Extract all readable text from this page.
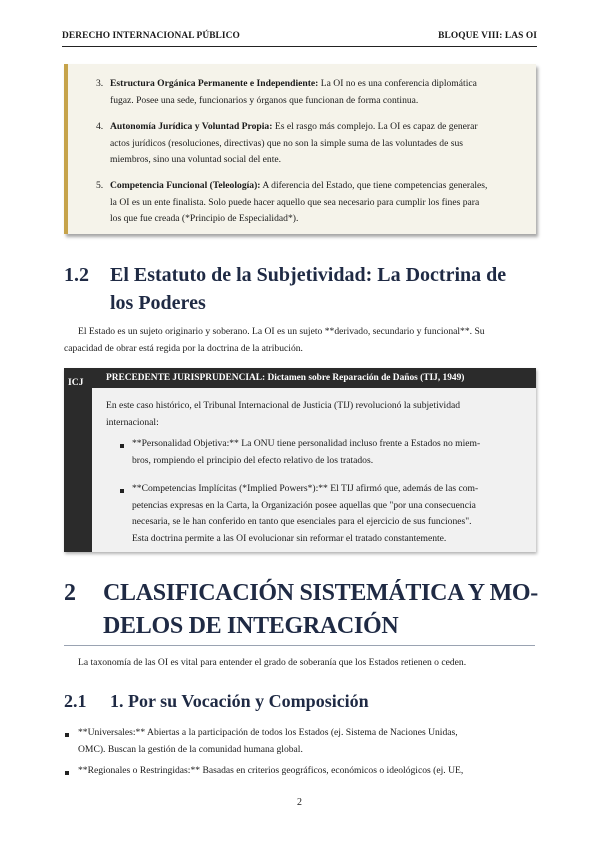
DERECHO INTERNACIONAL PÚBLICO	BLOQUE VIII: LAS OI
3. Estructura Orgánica Permanente e Independiente: La OI no es una conferencia diplomática
fugaz. Posee una sede, funcionarios y órganos que funcionan de forma continua.
4. Autonomía Jurídica y Voluntad Propia: Es el rasgo más complejo. La OI es capaz de generar
actos jurídicos (resoluciones, directivas) que no son la simple suma de las voluntades de sus
miembros, sino una voluntad social del ente.
5. Competencia Funcional (Teleología): A diferencia del Estado, que tiene competencias generales,
la OI es un ente finalista. Solo puede hacer aquello que sea necesario para cumplir los fines para
los que fue creada (*Principio de Especialidad*).
1.2 El Estatuto de la Subjetividad: La Doctrina de
los Poderes
El Estado es un sujeto originario y soberano. La OI es un sujeto **derivado, secundario y funcional**. Su
capacidad de obrar está regida por la doctrina de la atribución.
ICJ	PRECEDENTE JURISPRUDENCIAL: Dictamen sobre Reparación de Daños (TIJ, 1949)
En este caso histórico, el Tribunal Internacional de Justicia (TIJ) revolucionó la subjetividad
internacional:
**Personalidad Objetiva:** La ONU tiene personalidad incluso frente a Estados no miem-
bros, rompiendo el principio del efecto relativo de los tratados.
**Competencias Implícitas (*Implied Powers*):** El TIJ afirmó que, además de las com-
petencias expresas en la Carta, la Organización posee aquellas que "por una consecuencia
necesaria, se le han conferido en tanto que esenciales para el ejercicio de sus funciones".
Esta doctrina permite a las OI evolucionar sin reformar el tratado constantemente.
2 CLASIFICACIÓN SISTEMÁTICA Y MO-
DELOS DE INTEGRACIÓN
La taxonomía de las OI es vital para entender el grado de soberanía que los Estados retienen o ceden.
2.1 1. Por su Vocación y Composición
**Universales:** Abiertas a la participación de todos los Estados (ej. Sistema de Naciones Unidas,
OMC). Buscan la gestión de la comunidad humana global.
**Regionales o Restringidas:** Basadas en criterios geográficos, económicos o ideológicos (ej. UE,
2
